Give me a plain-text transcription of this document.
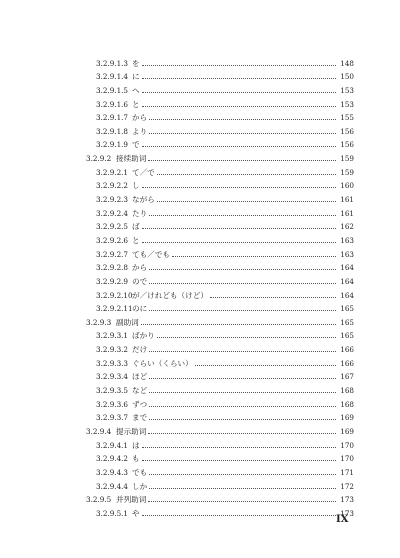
3.2.9.1.3 を	148
3.2.9.1.4 に	150
3.2.9.1.5 へ	153
3.2.9.1.6 と	153
3.2.9.1.7 から	155
3.2.9.1.8 より	156
3.2.9.1.9 で	156
3.2.9.2 接续助词	159
3.2.9.2.1 て／で	159
3.2.9.2.2 し	160
3.2.9.2.3 ながら	161
3.2.9.2.4 たり	161
3.2.9.2.5 ば	162
3.2.9.2.6 と	163
3.2.9.2.7 ても／でも	163
3.2.9.2.8 から	164
3.2.9.2.9 ので	164
3.2.9.2.10 が／けれども（けど）	164
3.2.9.2.11 のに	165
3.2.9.3 副助词	165
3.2.9.3.1 ばかり	165
3.2.9.3.2 だけ	166
3.2.9.3.3 ぐらい（くらい）	166
3.2.9.3.4 ほど	167
3.2.9.3.5 など	168
3.2.9.3.6 ずつ	168
3.2.9.3.7 まで	169
3.2.9.4 提示助词	169
3.2.9.4.1 は	170
3.2.9.4.2 も	170
3.2.9.4.3 でも	171
3.2.9.4.4 しか	172
3.2.9.5 并列助词	173
3.2.9.5.1 や	173
IX
